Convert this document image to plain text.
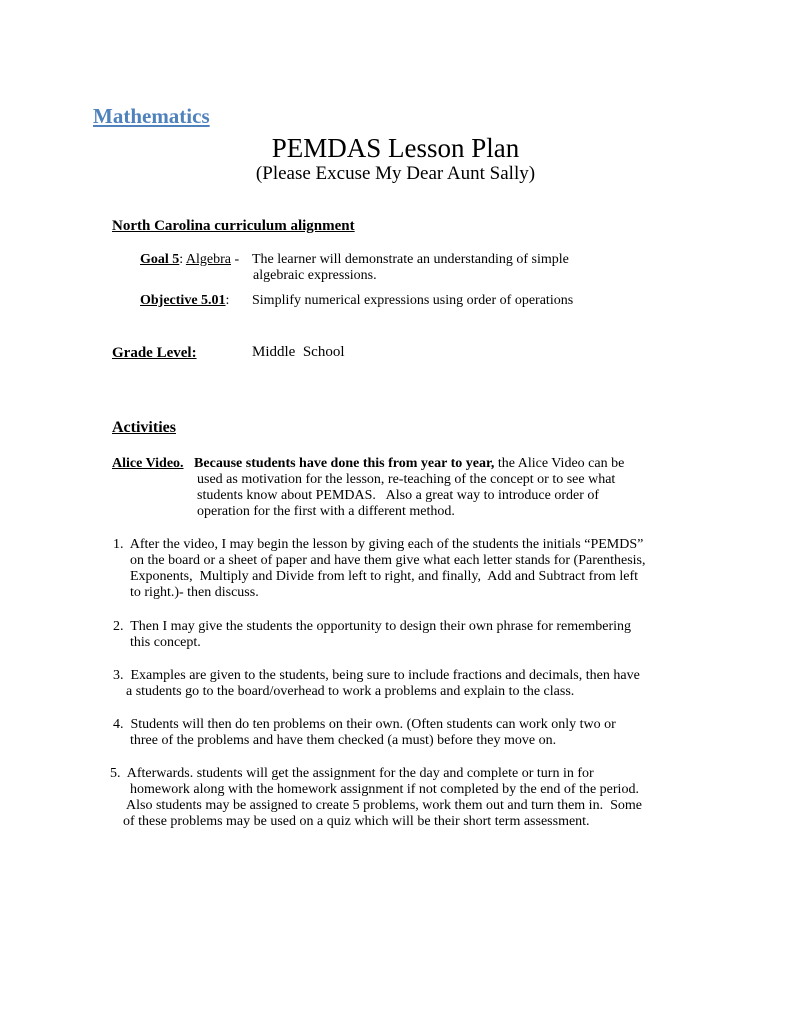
Mathematics
PEMDAS Lesson Plan
(Please Excuse My Dear Aunt Sally)
North Carolina curriculum alignment
Goal 5: Algebra - The learner will demonstrate an understanding of simple
algebraic expressions.
Objective 5.01: Simplify numerical expressions using order of operations
Grade Level:	Middle  School
Activities
Alice Video. Because students have done this from year to year, the Alice Video can be
used as motivation for the lesson, re-teaching of the concept or to see what
students know about PEMDAS.   Also a great way to introduce order of
operation for the first with a different method.
1.  After the video, I may begin the lesson by giving each of the students the initials “PEMDS”
on the board or a sheet of paper and have them give what each letter stands for (Parenthesis,
Exponents,  Multiply and Divide from left to right, and finally,  Add and Subtract from left
to right.)- then discuss.
2.  Then I may give the students the opportunity to design their own phrase for remembering
this concept.
3.  Examples are given to the students, being sure to include fractions and decimals, then have
a students go to the board/overhead to work a problems and explain to the class.
4.  Students will then do ten problems on their own. (Often students can work only two or
three of the problems and have them checked (a must) before they move on.
5.  Afterwards. students will get the assignment for the day and complete or turn in for
homework along with the homework assignment if not completed by the end of the period.
Also students may be assigned to create 5 problems, work them out and turn them in.  Some
of these problems may be used on a quiz which will be their short term assessment.
